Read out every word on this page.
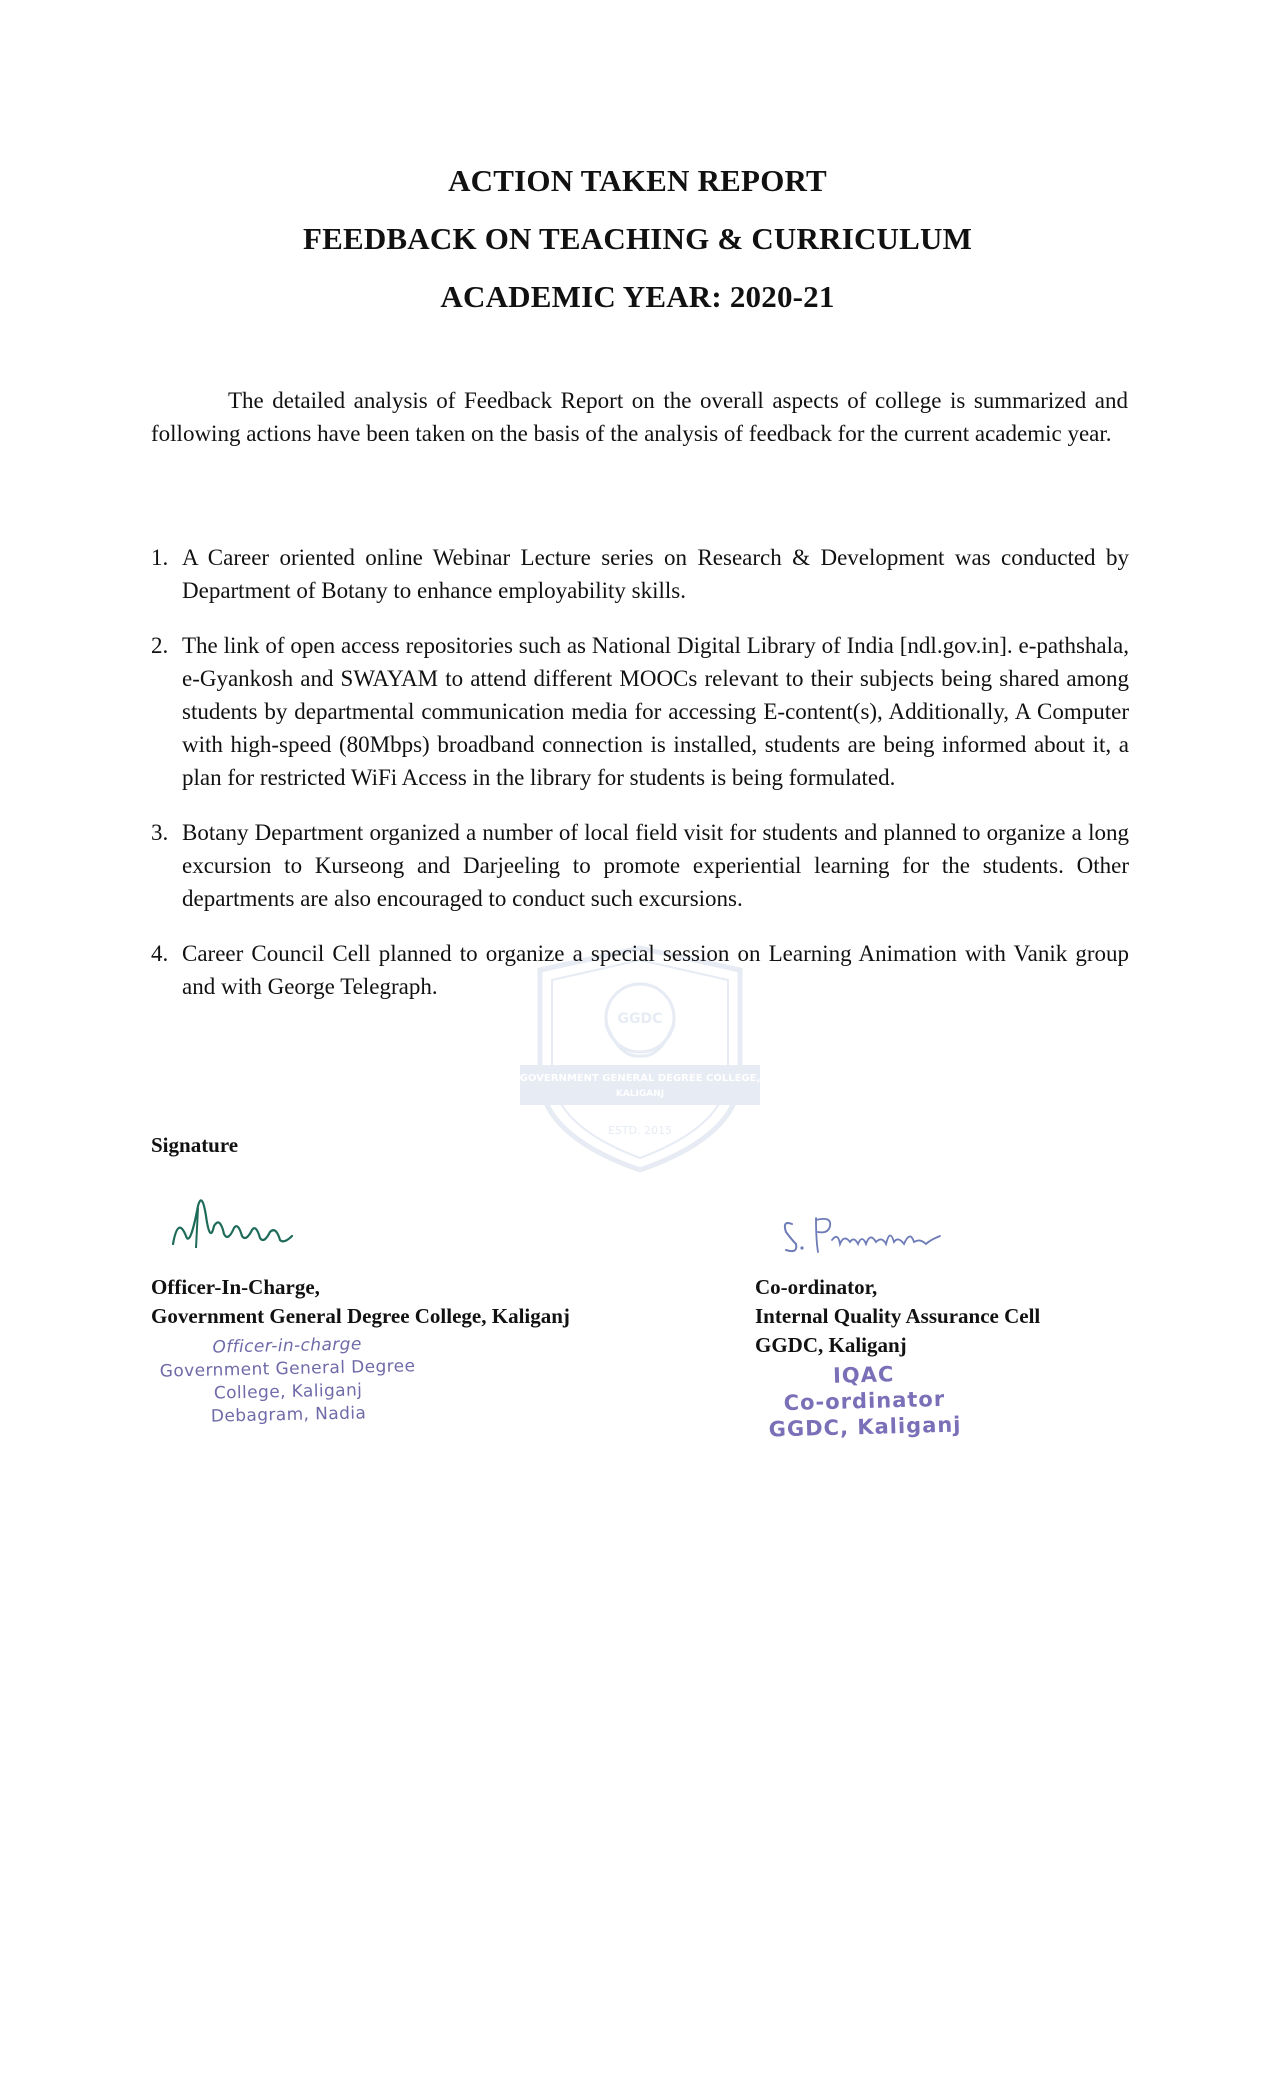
ACTION TAKEN REPORT
FEEDBACK ON TEACHING & CURRICULUM
ACADEMIC YEAR: 2020-21

The detailed analysis of Feedback Report on the overall aspects of college is summarized and following actions have been taken on the basis of the analysis of feedback for the current academic year.

GGDC
GOVERNMENT GENERAL DEGREE COLLEGE,
KALIGANJ
ESTD. 2015
1. A Career oriented online Webinar Lecture series on Research & Development was conducted by Department of Botany to enhance employability skills.
2. The link of open access repositories such as National Digital Library of India [ndl.gov.in]. e-pathshala, e-Gyankosh and SWAYAM to attend different MOOCs relevant to their subjects being shared among students by departmental communication media for accessing E-content(s), Additionally, A Computer with high-speed (80Mbps) broadband connection is installed, students are being informed about it, a plan for restricted WiFi Access in the library for students is being formulated.
3. Botany Department organized a number of local field visit for students and planned to organize a long excursion to Kurseong and Darjeeling to promote experiential learning for the students. Other departments are also encouraged to conduct such excursions.
4. Career Council Cell planned to organize a special session on Learning Animation with Vanik group and with George Telegraph.
Signature
Officer-In-Charge,
Government General Degree College, Kaliganj
Co-ordinator,
Internal Quality Assurance Cell
GGDC, Kaliganj
Officer-in-charge
Government General Degree
College, Kaliganj
Debagram, Nadia
IQAC
Co-ordinator
GGDC, Kaliganj
